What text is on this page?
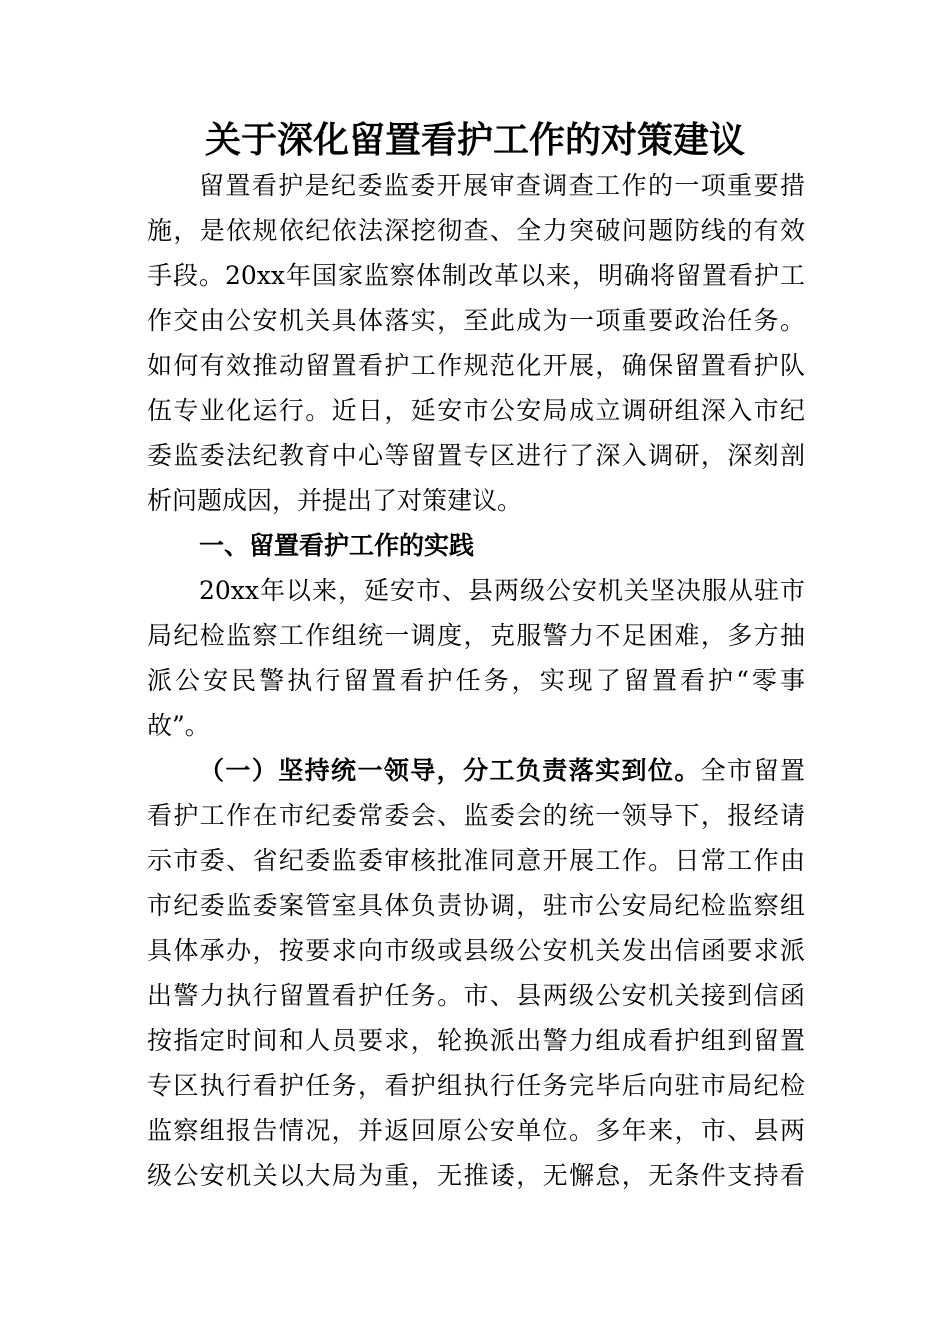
关于深化留置看护工作的对策建议
留置看护是纪委监委开展审查调查工作的一项重要措
施，是依规依纪依法深挖彻查、全力突破问题防线的有效
手段。20xx年国家监察体制改革以来，明确将留置看护工
作交由公安机关具体落实，至此成为一项重要政治任务。
如何有效推动留置看护工作规范化开展，确保留置看护队
伍专业化运行。近日，延安市公安局成立调研组深入市纪
委监委法纪教育中心等留置专区进行了深入调研，深刻剖
析问题成因，并提出了对策建议。
一、留置看护工作的实践
20xx年以来，延安市、县两级公安机关坚决服从驻市
局纪检监察工作组统一调度，克服警力不足困难，多方抽
派公安民警执行留置看护任务，实现了留置看护“零事
故”。
（一）坚持统一领导，分工负责落实到位。全市留置
看护工作在市纪委常委会、监委会的统一领导下，报经请
示市委、省纪委监委审核批准同意开展工作。日常工作由
市纪委监委案管室具体负责协调，驻市公安局纪检监察组
具体承办，按要求向市级或县级公安机关发出信函要求派
出警力执行留置看护任务。市、县两级公安机关接到信函
按指定时间和人员要求，轮换派出警力组成看护组到留置
专区执行看护任务，看护组执行任务完毕后向驻市局纪检
监察组报告情况，并返回原公安单位。多年来，市、县两
级公安机关以大局为重，无推诿，无懈怠，无条件支持看
